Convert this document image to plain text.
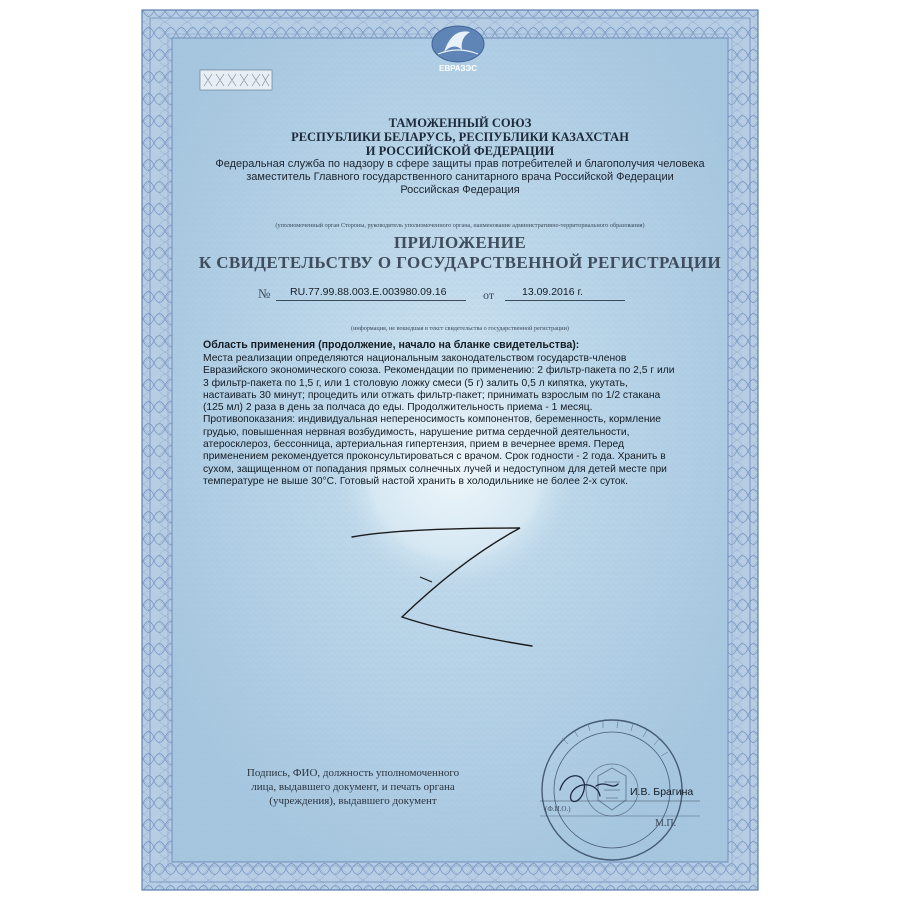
ЕВРАЗЭС
ТАМОЖЕННЫЙ СОЮЗ
РЕСПУБЛИКИ БЕЛАРУСЬ, РЕСПУБЛИКИ КАЗАХСТАН
И РОССИЙСКОЙ ФЕДЕРАЦИИ
Федеральная служба по надзору в сфере защиты прав потребителей и благополучия человека
заместитель Главного государственного санитарного врача Российской Федерации
Российская Федерация
(уполномоченный орган Стороны, руководитель уполномоченного органа, наименование административно-территориального образования)
ПРИЛОЖЕНИЕ
К СВИДЕТЕЛЬСТВУ О ГОСУДАРСТВЕННОЙ РЕГИСТРАЦИИ
№ RU.77.99.88.003.E.003980.09.16	от	13.09.2016 г.
(информация, не вошедшая в текст свидетельства о государственной регистрации)
Область применения (продолжение, начало на бланке свидетельства):
Места реализации определяются национальным законодательством государств-членов
Евразийского экономического союза. Рекомендации по применению: 2 фильтр-пакета по 2,5 г или
3 фильтр-пакета по 1,5 г, или 1 столовую ложку смеси (5 г) залить 0,5 л кипятка, укутать,
настаивать 30 минут; процедить или отжать фильтр-пакет; принимать взрослым по 1/2 стакана
(125 мл) 2 раза в день за полчаса до еды. Продолжительность приема - 1 месяц.
Противопоказания: индивидуальная непереносимость компонентов, беременность, кормление
грудью, повышенная нервная возбудимость, нарушение ритма сердечной деятельности,
атеросклероз, бессонница, артериальная гипертензия, прием в вечернее время. Перед
применением рекомендуется проконсультироваться с врачом. Срок годности - 2 года. Хранить в
сухом, защищенном от попадания прямых солнечных лучей и недоступном для детей месте при
температуре не выше 30°С. Готовый настой хранить в холодильнике не более 2-х суток.
Подпись, ФИО, должность уполномоченного
лица, выдавшего документ, и печать органа
(учреждения), выдавшего документ
И.В. Брагина
(Ф.И.О.)
М.П.
